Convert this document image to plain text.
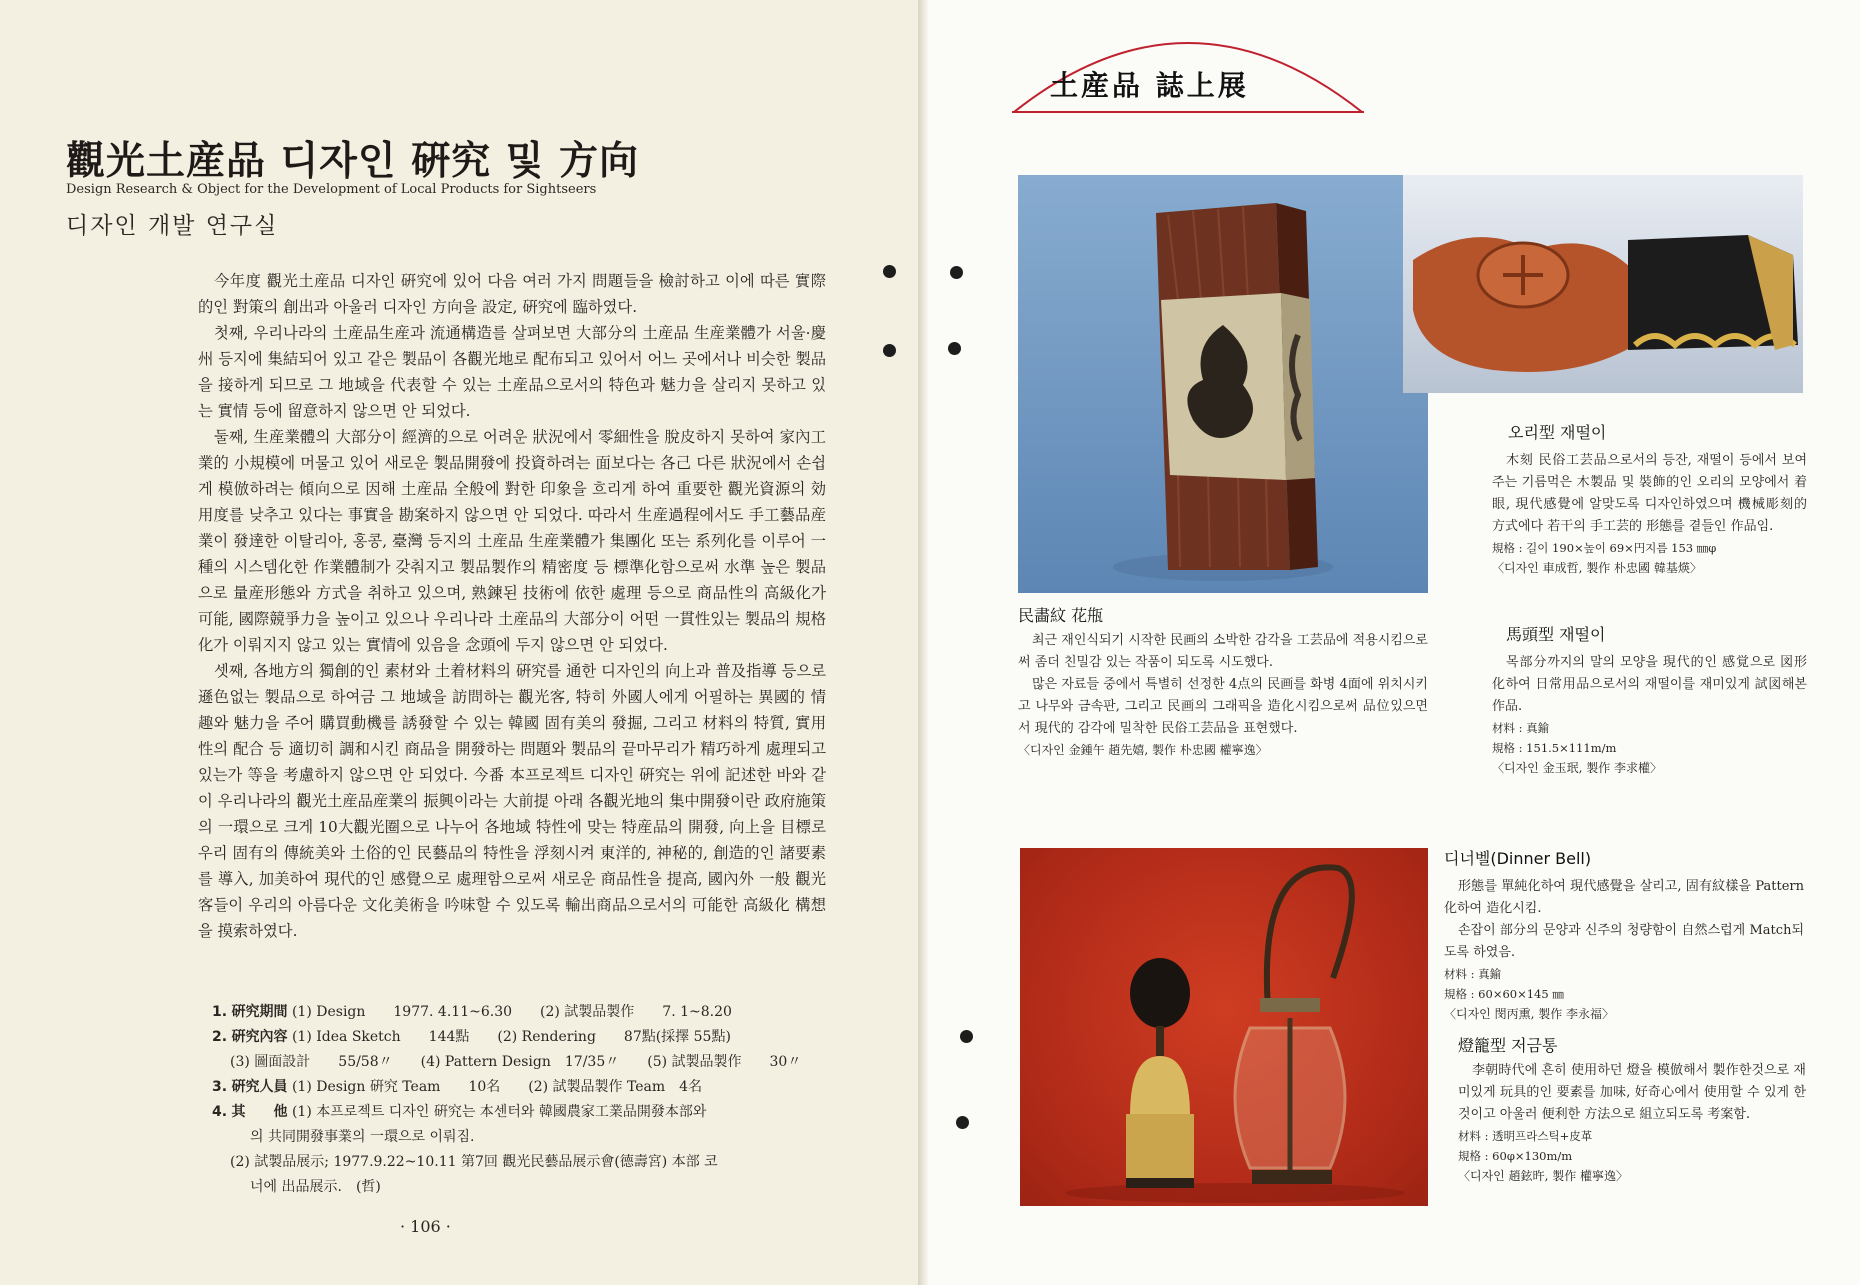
觀光土産品 디자인 硏究 및 方向
Design Research & Object for the Development of Local Products for Sightseers
디자인 개발 연구실

今年度 觀光土産品 디자인 硏究에 있어 다음 여러 가지 問題들을 檢討하고 이에 따른 實際的인 對策의 創出과 아울러 디자인 方向을 設定, 硏究에 臨하였다.

첫째, 우리나라의 土産品生産과 流通構造를 살펴보면 大部分의 土産品 生産業體가 서울·慶州 등지에 集結되어 있고 같은 製品이 各觀光地로 配布되고 있어서 어느 곳에서나 비슷한 製品을 接하게 되므로 그 地域을 代表할 수 있는 土産品으로서의 特色과 魅力을 살리지 못하고 있는 實情 등에 留意하지 않으면 안 되었다.

둘째, 生産業體의 大部分이 經濟的으로 어려운 狀況에서 零細性을 脫皮하지 못하여 家內工業的 小規模에 머물고 있어 새로운 製品開發에 投資하려는 面보다는 各己 다른 狀況에서 손쉽게 模倣하려는 傾向으로 因해 土産品 全般에 對한 印象을 흐리게 하여 重要한 觀光資源의 効用度를 낮추고 있다는 事實을 勘案하지 않으면 안 되었다. 따라서 生産過程에서도 手工藝品産業이 發達한 이탈리아, 홍콩, 臺灣 등지의 土産品 生産業體가 集團化 또는 系列化를 이루어 一種의 시스템化한 作業體制가 갖춰지고 製品製作의 精密度 등 標準化함으로써 水準 높은 製品으로 量産形態와 方式을 취하고 있으며, 熟鍊된 技術에 依한 處理 등으로 商品性의 高級化가 可能, 國際競爭力을 높이고 있으나 우리나라 土産品의 大部分이 어떤 一貫性있는 製品의 規格化가 이뤄지지 않고 있는 實情에 있음을 念頭에 두지 않으면 안 되었다.

셋째, 各地方의 獨創的인 素材와 土着材料의 硏究를 通한 디자인의 向上과 普及指導 등으로 遜色없는 製品으로 하여금 그 地域을 訪問하는 觀光客, 特히 外國人에게 어필하는 異國的 情趣와 魅力을 주어 購買動機를 誘發할 수 있는 韓國 固有美의 發掘, 그리고 材料의 特質, 實用性의 配合 등 適切히 調和시킨 商品을 開發하는 問題와 製品의 끝마무리가 精巧하게 處理되고 있는가 等을 考慮하지 않으면 안 되었다. 今番 本프로젝트 디자인 硏究는 위에 記述한 바와 같이 우리나라의 觀光土産品産業의 振興이라는 大前提 아래 各觀光地의 集中開發이란 政府施策의 一環으로 크게 10大觀光圈으로 나누어 各地域 特性에 맞는 特産品의 開發, 向上을 目標로 우리 固有의 傳統美와 土俗的인 民藝品의 特性을 浮刻시켜 東洋的, 神秘的, 創造的인 諸要素를 導入, 加美하여 現代的인 感覺으로 處理함으로써 새로운 商品性을 提高, 國內外 一般 觀光客들이 우리의 아름다운 文化美術을 吟味할 수 있도록 輸出商品으로서의 可能한 高級化 構想을 摸索하였다.

1. 硏究期間 (1) Design　　1977. 4.11~6.30　　(2) 試製品製作　　7. 1~8.20
2. 硏究內容 (1) Idea Sketch　　144點　　(2) Rendering　　87點(採擇 55點)
(3) 圖面設計　　55/58〃　　(4) Pattern Design　17/35〃　　(5) 試製品製作　　30〃
3. 硏究人員 (1) Design 硏究 Team　　10名　　(2) 試製品製作 Team　4名
4. 其　　他 (1) 本프로젝트 디자인 硏究는 本센터와 韓國農家工業品開發本部와
의 共同開發事業의 一環으로 이뤄짐.
(2) 試製品展示; 1977.9.22~10.11 第7回 觀光民藝品展示會(德壽宮) 本部 코
너에 出品展示.　(哲)
· 106 ·
土産品 誌上展
民畵紋 花甁

최근 재인식되기 시작한 民画의 소박한 감각을 工芸品에 적용시킴으로써 좀더 친밀감 있는 작품이 되도록 시도했다.

많은 자료들 중에서 특별히 선정한 4点의 民画를 화병 4面에 위치시키고 나무와 금속판, 그리고 民画의 그래픽을 造化시킴으로써 品位있으면서 現代的 감각에 밀착한 民俗工芸品을 표현했다.

〈디자인 金鍾午 趙先嬉, 製作 朴忠國 權寧逸〉
오리型 재떨이

木刻 民俗工芸品으로서의 등잔, 재떨이 등에서 보여주는 기름먹은 木製品 및 裝飾的인 오리의 모양에서 着眼, 現代感覺에 알맞도록 디자인하였으며 機械彫刻的 方式에다 若干의 手工芸的 形態를 곁들인 作品임.

規格 : 길이 190×높이 69×円지름 153 ㎜φ
〈디자인 車成哲, 製作 朴忠國 韓基煐〉
馬頭型 재떨이

목部分까지의 말의 모양을 現代的인 感覚으로 図形化하여 日常用品으로서의 재떨이를 재미있게 試図해본 作品.

材料 : 真鍮
規格 : 151.5×111m/m
〈디자인 金玉珉, 製作 李求權〉
디너벨(Dinner Bell)

形態를 單純化하여 現代感覺을 살리고, 固有紋樣을 Pattern化하여 造化시킴.

손잡이 部分의 문양과 신주의 청량함이 自然스럽게 Match되도록 하였음.

材料 : 真鍮
規格 : 60×60×145 ㎜
〈디자인 閔丙熏, 製作 李永福〉
燈籠型 저금통

李朝時代에 흔히 使用하던 燈을 模倣해서 製作한것으로 재미있게 玩具的인 要素를 加味, 好奇心에서 使用할 수 있게 한 것이고 아울러 便利한 方法으로 組立되도록 考案함.

材料 : 透明프라스틱+皮革
規格 : 60φ×130m/m
〈디자인 趙鉉旿, 製作 權寧逸〉
